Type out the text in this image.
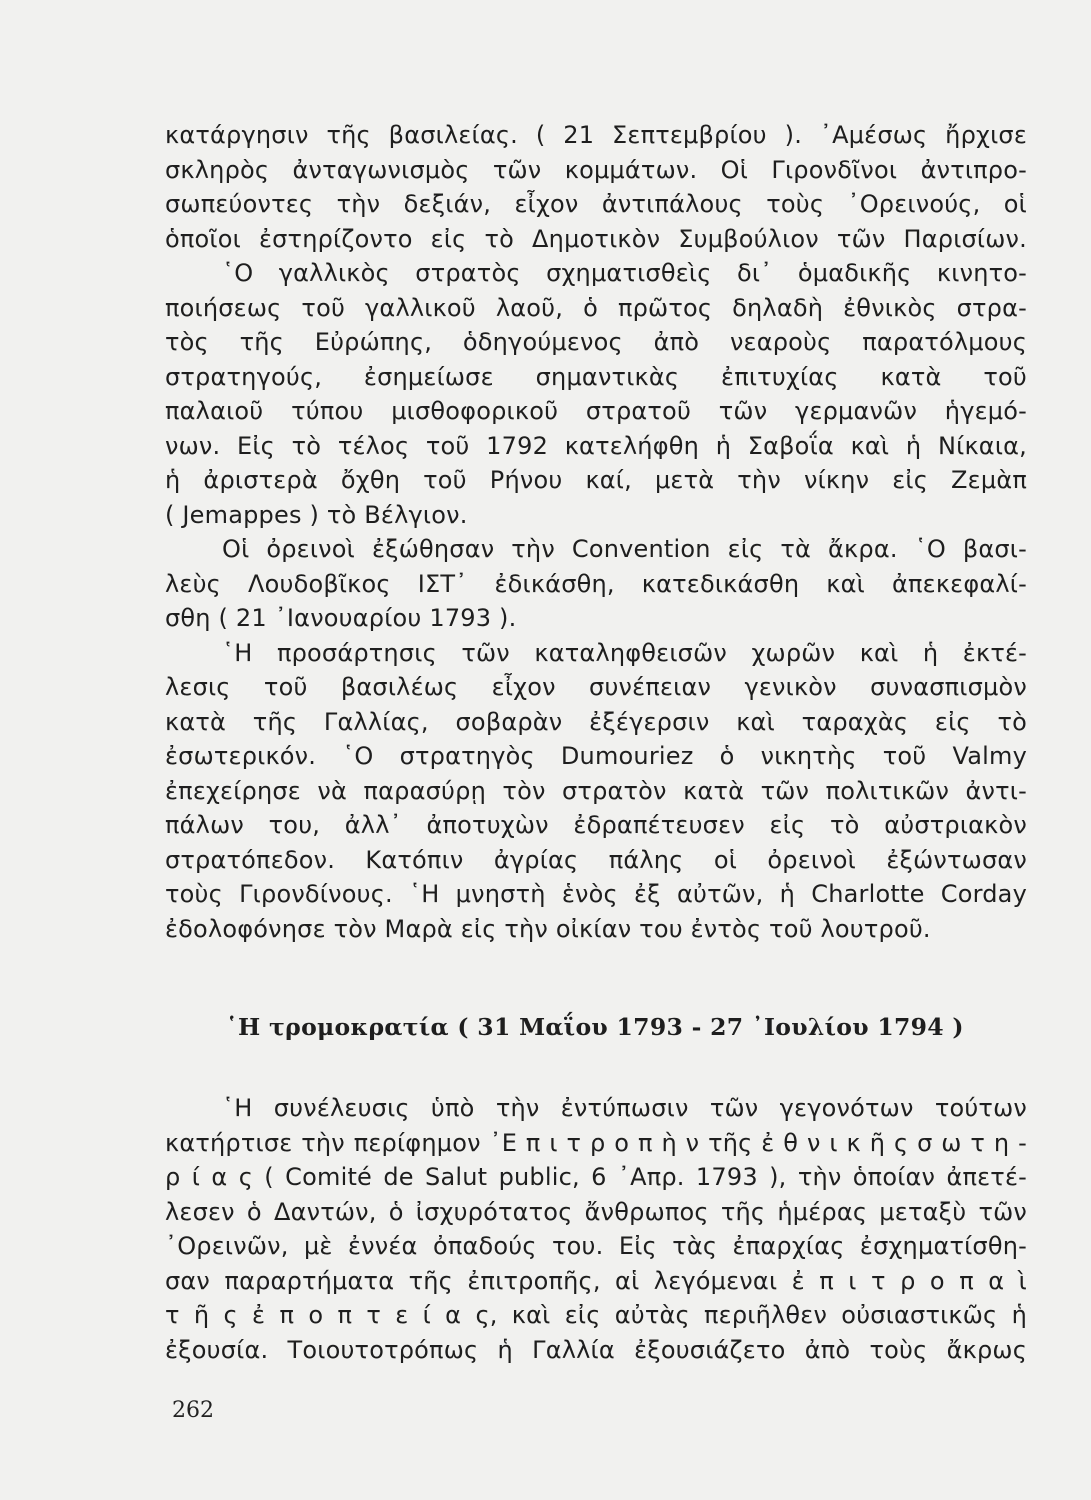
κατάργησιν τῆς βασιλείας. ( 21 Σεπτεμβρίου ). ᾿Αμέσως ἤρχισε
σκληρὸς ἀνταγωνισμὸς τῶν κομμάτων. Οἱ Γιρονδῖνοι ἀντιπρο-
σωπεύοντες τὴν δεξιάν, εἶχον ἀντιπάλους τοὺς ᾿Ορεινούς, οἱ
ὁποῖοι ἐστηρίζοντο εἰς τὸ Δημοτικὸν Συμβούλιον τῶν Παρισίων.
῾Ο γαλλικὸς στρατὸς σχηματισθεὶς δι᾿ ὁμαδικῆς κινητο-
ποιήσεως τοῦ γαλλικοῦ λαοῦ, ὁ πρῶτος δηλαδὴ ἐθνικὸς στρα-
τὸς τῆς Εὐρώπης, ὁδηγούμενος ἀπὸ νεαροὺς παρατόλμους
στρατηγούς, ἐσημείωσε σημαντικὰς ἐπιτυχίας κατὰ τοῦ
παλαιοῦ τύπου μισθοφορικοῦ στρατοῦ τῶν γερμανῶν ἡγεμό-
νων. Εἰς τὸ τέλος τοῦ 1792 κατελήφθη ἡ Σαβοΐα καὶ ἡ Νίκαια,
ἡ ἀριστερὰ ὄχθη τοῦ Ρήνου καί, μετὰ τὴν νίκην εἰς Ζεμὰπ
( Jemappes ) τὸ Βέλγιον.
Οἱ ὀρεινοὶ ἐξώθησαν τὴν Convention εἰς τὰ ἄκρα. ῾Ο βασι-
λεὺς Λουδοβῖκος ΙΣΤ᾿ ἐδικάσθη, κατεδικάσθη καὶ ἀπεκεφαλί-
σθη ( 21 ᾿Ιανουαρίου 1793 ).
῾Η προσάρτησις τῶν καταληφθεισῶν χωρῶν καὶ ἡ ἐκτέ-
λεσις τοῦ βασιλέως εἶχον συνέπειαν γενικὸν συνασπισμὸν
κατὰ τῆς Γαλλίας, σοβαρὰν ἐξέγερσιν καὶ ταραχὰς εἰς τὸ
ἐσωτερικόν. ῾Ο στρατηγὸς Dumouriez ὁ νικητὴς τοῦ Valmy
ἐπεχείρησε νὰ παρασύρῃ τὸν στρατὸν κατὰ τῶν πολιτικῶν ἀντι-
πάλων του, ἀλλ᾿ ἀποτυχὼν ἐδραπέτευσεν εἰς τὸ αὐστριακὸν
στρατόπεδον. Κατόπιν ἀγρίας πάλης οἱ ὀρεινοὶ ἐξώντωσαν
τοὺς Γιρονδίνους. ῾Η μνηστὴ ἑνὸς ἐξ αὐτῶν, ἡ Charlotte Corday
ἐδολοφόνησε τὸν Μαρὰ εἰς τὴν οἰκίαν του ἐντὸς τοῦ λουτροῦ.
῾Η τρομοκρατία ( 31 Μαΐου 1793 - 27 ᾿Ιουλίου 1794 )
῾Η συνέλευσις ὑπὸ τὴν ἐντύπωσιν τῶν γεγονότων τούτων
κατήρτισε τὴν περίφημον ᾿Ε π ι τ ρ ο π ὴ ν τῆς ἐ θ ν ι κ ῆ ς σ ω τ η -
ρ ί α ς ( Comité de Salut public, 6 ᾿Απρ. 1793 ), τὴν ὁποίαν ἀπετέ-
λεσεν ὁ Δαντών, ὁ ἰσχυρότατος ἄνθρωπος τῆς ἡμέρας μεταξὺ τῶν
᾿Ορεινῶν, μὲ ἐννέα ὀπαδούς του. Εἰς τὰς ἐπαρχίας ἐσχηματίσθη-
σαν παραρτήματα τῆς ἐπιτροπῆς, αἱ λεγόμεναι ἐ π ι τ ρ ο π α ὶ
τ ῆ ς ἐ π ο π τ ε ί α ς, καὶ εἰς αὐτὰς περιῆλθεν οὐσιαστικῶς ἡ
ἐξουσία. Τοιουτοτρόπως ἡ Γαλλία ἐξουσιάζετο ἀπὸ τοὺς ἄκρως
262
